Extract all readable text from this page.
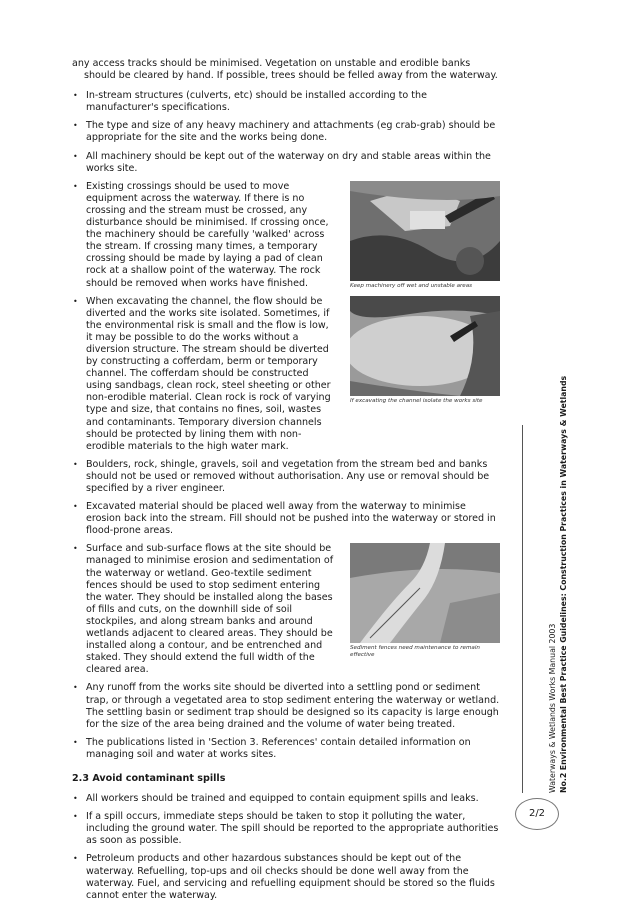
any access tracks should be minimised. Vegetation on unstable and erodible banks should be cleared by hand. If possible, trees should be felled away from the waterway.

• In-stream structures (culverts, etc) should be installed according to the manufacturer's specifications.
• The type and size of any heavy machinery and attachments (eg crab-grab) should be appropriate for the site and the works being done.
• All machinery should be kept out of the waterway on dry and stable areas within the works site.
• Existing crossings should be used to move equipment across the waterway. If there is no crossing and the stream must be crossed, any disturbance should be minimised. If crossing once, the machinery should be carefully 'walked' across the stream. If crossing many times, a temporary crossing should be made by laying a pad of clean rock at a shallow point of the waterway. The rock should be removed when works have finished.	Keep machinery off wet and unstable areas
• When excavating the channel, the flow should be diverted and the works site isolated. Sometimes, if the environmental risk is small and the flow is low, it may be possible to do the works without a diversion structure. The stream should be diverted by constructing a cofferdam, berm or temporary channel. The cofferdam should be constructed using sandbags, clean rock, steel sheeting or other non-erodible material. Clean rock is rock of varying type and size, that contains no fines, soil, wastes and contaminants. Temporary diversion channels should be protected by lining them with non-erodible materials to the high water mark.
If excavating the channel isolate the works site
• Boulders, rock, shingle, gravels, soil and vegetation from the stream bed and banks should not be used or removed without authorisation. Any use or removal should be specified by a river engineer.
• Excavated material should be placed well away from the waterway to minimise erosion back into the stream. Fill should not be pushed into the waterway or stored in flood-prone areas.
• Surface and sub-surface flows at the site should be managed to minimise erosion and sedimentation of the waterway or wetland. Geo-textile sediment fences should be used to stop sediment entering the water. They should be installed along the bases of fills and cuts, on the downhill side of soil stockpiles, and along stream banks and around wetlands adjacent to cleared areas. They should be installed along a contour, and be entrenched and staked. They should extend the full width of the cleared area.
Sediment fences need maintenance to remain effective
• Any runoff from the works site should be diverted into a settling pond or sediment trap, or through a vegetated area to stop sediment entering the waterway or wetland. The settling basin or sediment trap should be designed so its capacity is large enough for the size of the area being drained and the volume of water being treated.
• The publications listed in 'Section 3. References' contain detailed information on managing soil and water at works sites.

2.3 Avoid contaminant spills

• All workers should be trained and equipped to contain equipment spills and leaks.
• If a spill occurs, immediate steps should be taken to stop it polluting the water, including the ground water. The spill should be reported to the appropriate authorities as soon as possible.
• Petroleum products and other hazardous substances should be kept out of the waterway. Refuelling, top-ups and oil checks should be done well away from the waterway. Fuel, and servicing and refuelling equipment should be stored so the fluids cannot enter the waterway.
Waterways & Wetlands Works Manual 2003 No.2 Environmental Best Practice Guidelines: Construction Practices in Waterways & Wetlands
2/2
